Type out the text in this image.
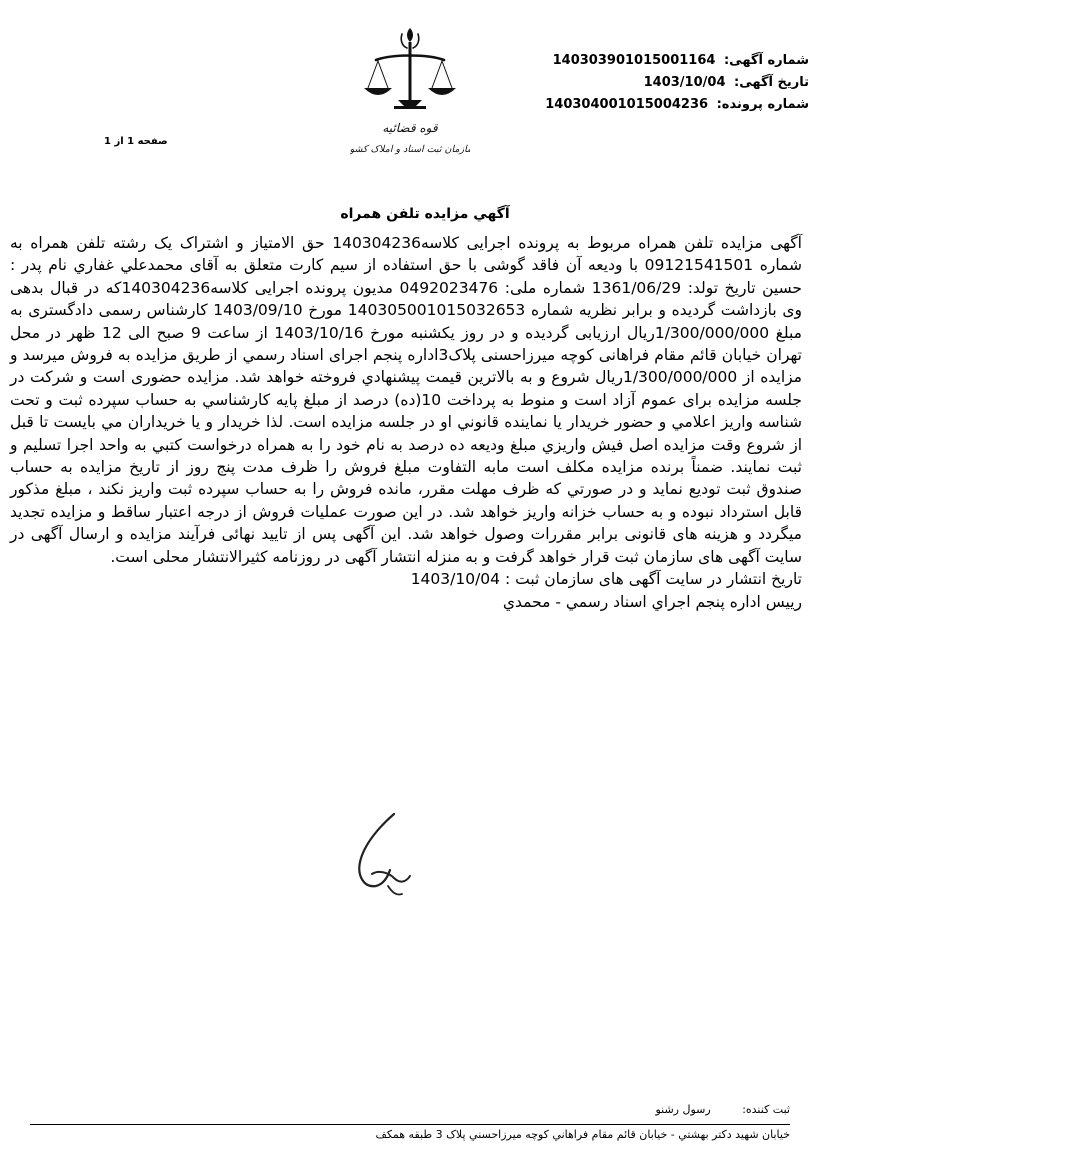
قوه قضائیه
سازمان ثبت اسناد و املاک کشور
شماره آگهی: 140303901015001164
تاریخ آگهی: 1403/10/04
شماره پرونده: 140304001015004236
صفحه 1 از 1
آگهي مزايده تلفن همراه

آگهی مزایده تلفن همراه مربوط به پرونده اجرایی کلاسه140304236 حق الامتیاز و اشتراک یک رشته تلفن همراه به شماره 09121541501 با ودیعه آن فاقد گوشی با حق استفاده از سیم کارت متعلق به آقای محمدعلي غفاري نام پدر : حسين تاريخ تولد: 1361/06/29 شماره ملی: 0492023476 مدیون پرونده اجرایی کلاسه140304236که در قبال بدهی وی بازداشت گردیده و برابر نظریه شماره 14030500101503265‌3 مورخ 1403/09/10 کارشناس رسمی دادگستری به مبلغ 1/300/000/000ریال ارزیابی گردیده و در روز یکشنبه مورخ 1403/10/16 از ساعت 9 صبح الی 12 ظهر در محل تهران خيابان قائم مقام فراهانی کوچه میرزاحسنی پلاک3اداره پنجم اجرای اسناد رسمي از طريق مزايده به فروش ميرسد و مزايده از 1/300/000/000ریال شروع و به بالاترين قيمت پيشنهادي فروخته خواهد شد. مزايده حضوری است و شرکت در جلسه مزايده برای عموم آزاد است و منوط به پرداخت 10(ده) درصد از مبلغ پايه کارشناسي به حساب سپرده ثبت و تحت شناسه واريز اعلامي و حضور خريدار يا نماينده قانوني او در جلسه مزايده است. لذا خريدار و يا خريداران مي بايست تا قبل از شروع وقت مزايده اصل فيش واريزي مبلغ وديعه ده درصد به نام خود را به همراه درخواست کتبي به واحد اجرا تسليم و ثبت نمايند. ضمناً برنده مزايده مکلف است مابه التفاوت مبلغ فروش را ظرف مدت پنج روز از تاريخ مزايده به حساب صندوق ثبت توديع نمايد و در صورتي که ظرف مهلت مقرر، مانده فروش را به حساب سپرده ثبت واريز نکند ، مبلغ مذکور قابل استرداد نبوده و به حساب خزانه واريز خواهد شد. در اين صورت عمليات فروش از درجه اعتبار ساقط و مزايده تجديد ميگردد و هزینه های قانونی برابر مقررات وصول خواهد شد. این آگهی پس از تایید نهائی فرآیند مزایده و ارسال آگهی در سایت آگهی های سازمان ثبت قرار خواهد گرفت و به منزله انتشار آگهی در روزنامه کثیرالانتشار محلی است.

تاريخ انتشار در سايت آگهی های سازمان ثبت : 1403/10/04

رييس اداره پنجم اجراي اسناد رسمي - محمدي

ثبت کننده: رسول رشنو
خيابان شهيد دکتر بهشتي - خيابان قائم مقام فراهاني کوچه ميرزاحسني پلاک 3 طبقه همکف
